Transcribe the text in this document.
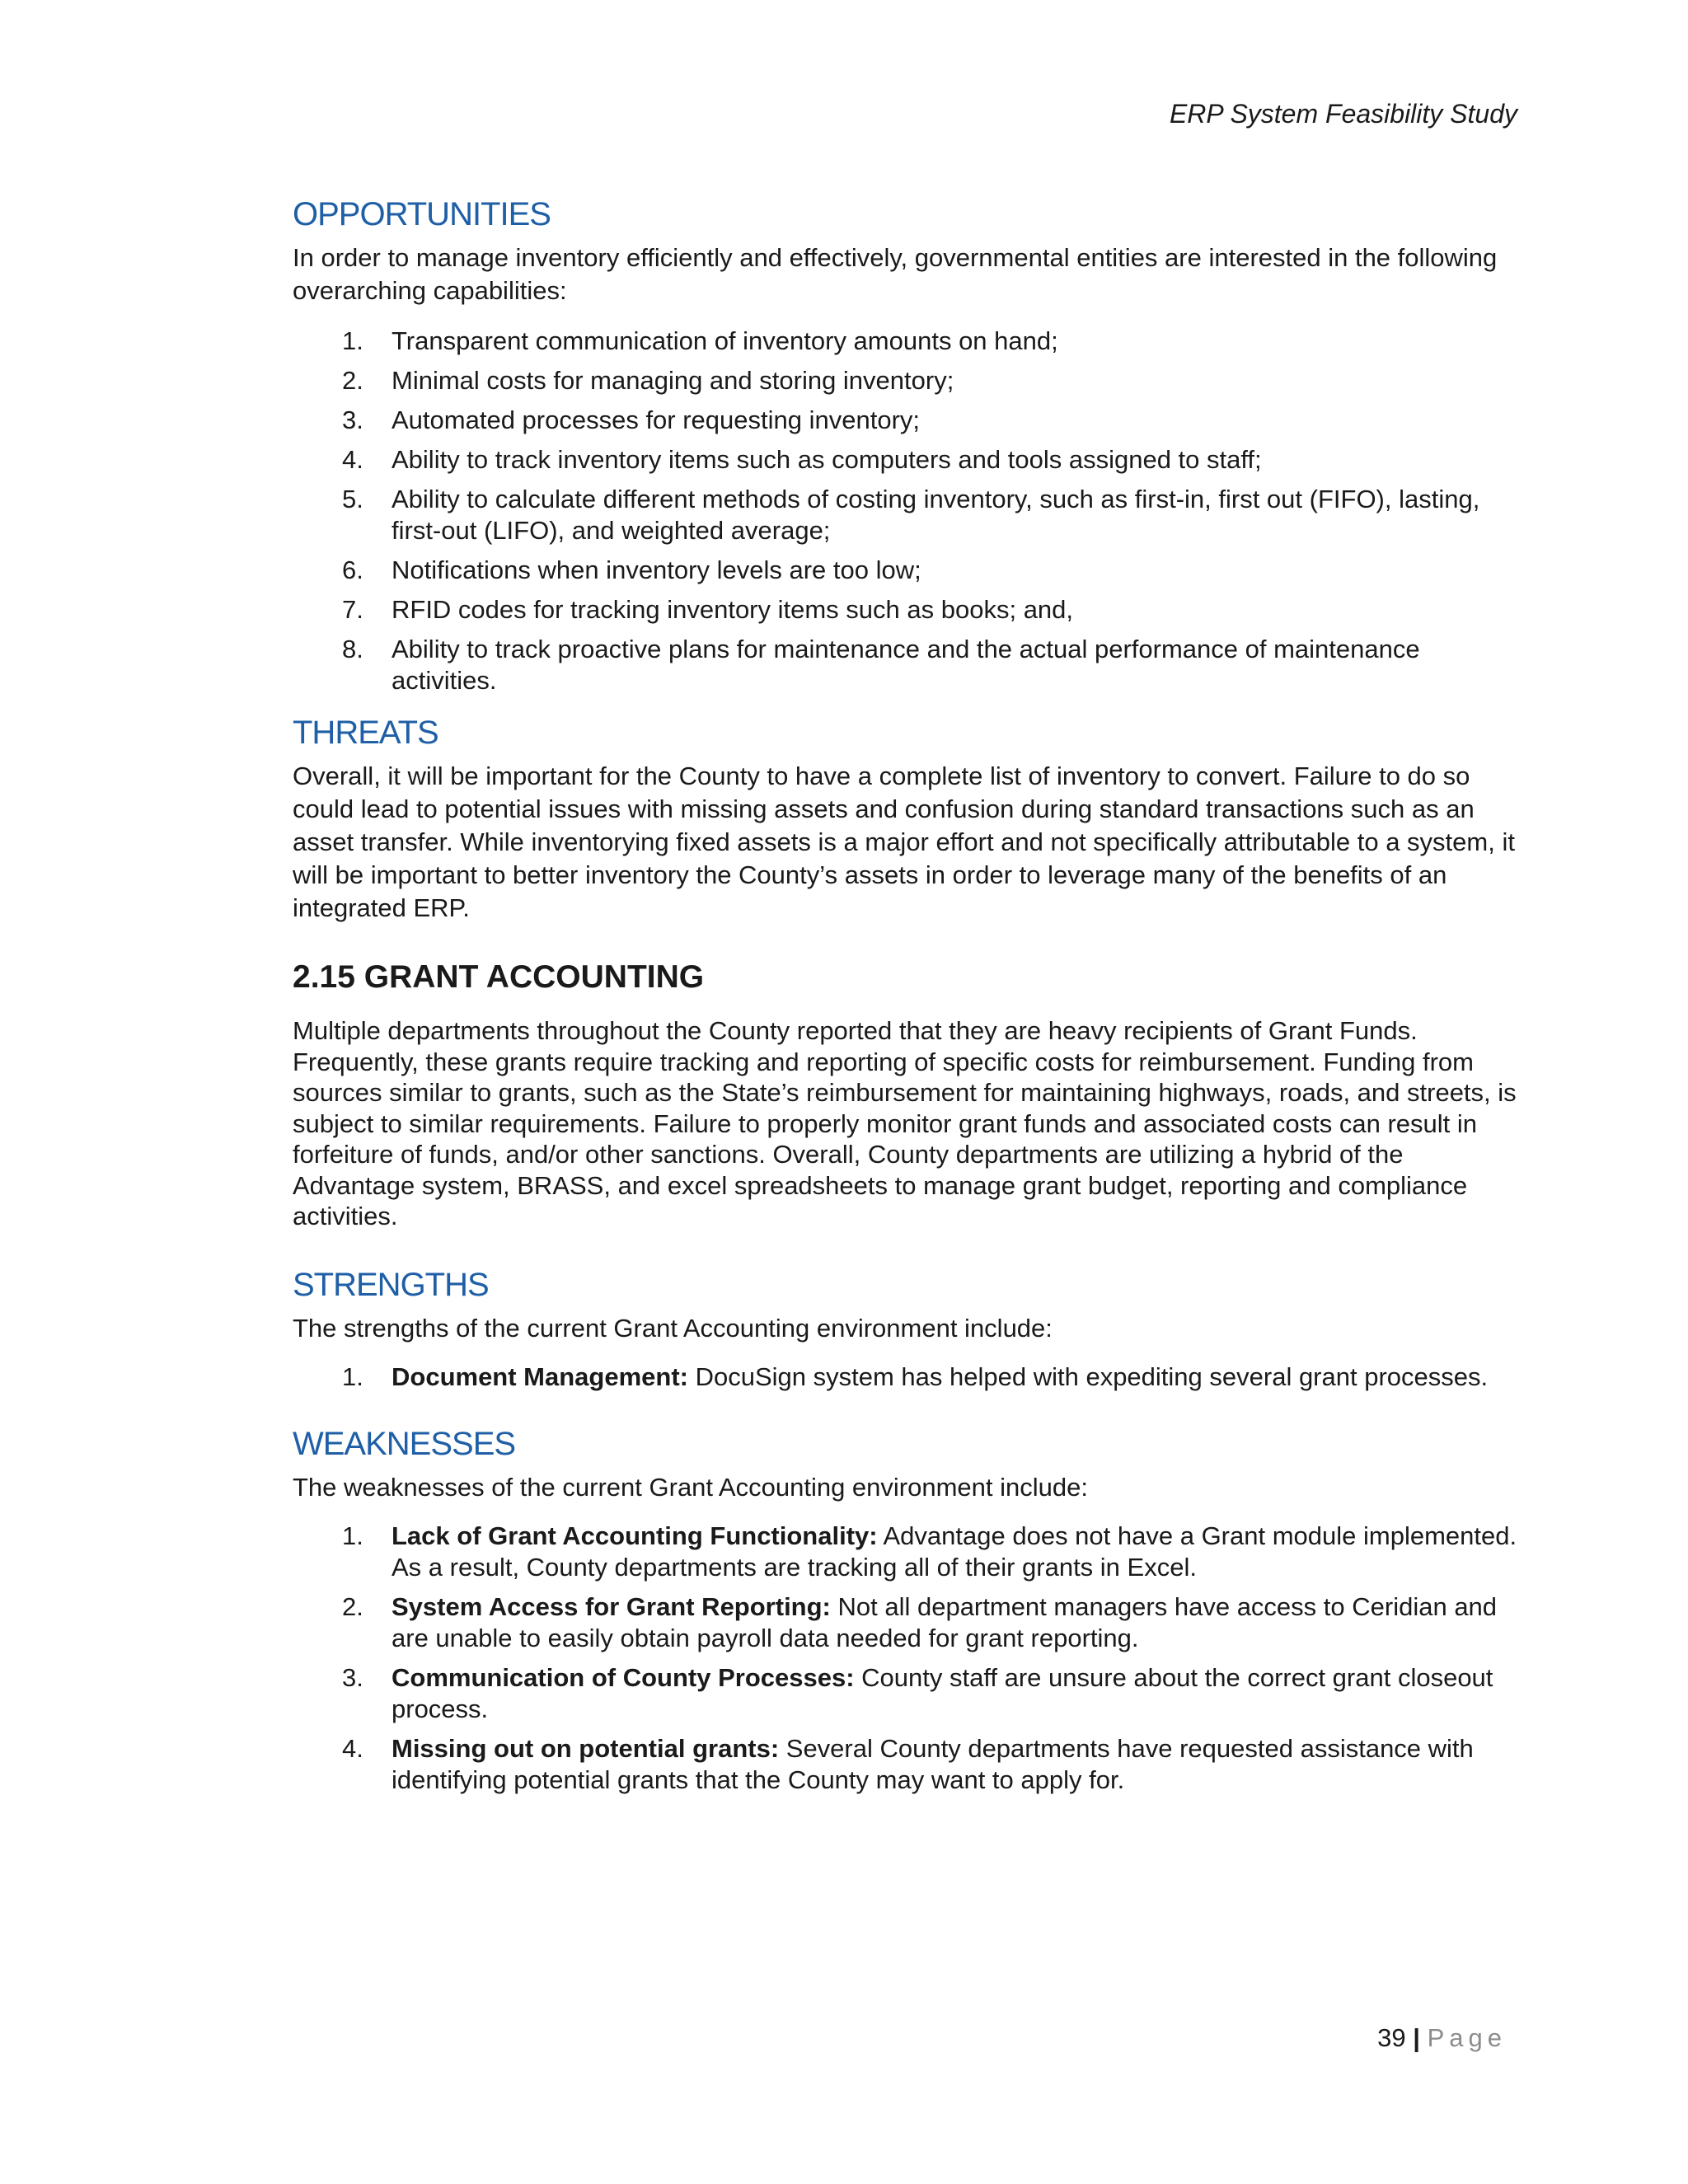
ERP System Feasibility Study
OPPORTUNITIES

In order to manage inventory efficiently and effectively, governmental entities are interested in the following overarching capabilities:

1.	Transparent communication of inventory amounts on hand;
2.	Minimal costs for managing and storing inventory;
3.	Automated processes for requesting inventory;
4.	Ability to track inventory items such as computers and tools assigned to staff;
5.	Ability to calculate different methods of costing inventory, such as first-in, first out (FIFO), lasting, first-out (LIFO), and weighted average;
6.	Notifications when inventory levels are too low;
7.	RFID codes for tracking inventory items such as books; and,
8.	Ability to track proactive plans for maintenance and the actual performance of maintenance activities.
THREATS

Overall, it will be important for the County to have a complete list of inventory to convert. Failure to do so could lead to potential issues with missing assets and confusion during standard transactions such as an asset transfer. While inventorying fixed assets is a major effort and not specifically attributable to a system, it will be important to better inventory the County’s assets in order to leverage many of the benefits of an integrated ERP.

2.15 GRANT ACCOUNTING

Multiple departments throughout the County reported that they are heavy recipients of Grant Funds. Frequently, these grants require tracking and reporting of specific costs for reimbursement. Funding from sources similar to grants, such as the State’s reimbursement for maintaining highways, roads, and streets, is subject to similar requirements. Failure to properly monitor grant funds and associated costs can result in forfeiture of funds, and/or other sanctions. Overall, County departments are utilizing a hybrid of the Advantage system, BRASS, and excel spreadsheets to manage grant budget, reporting and compliance activities.

STRENGTHS

The strengths of the current Grant Accounting environment include:

1.	Document Management: DocuSign system has helped with expediting several grant processes.
WEAKNESSES

The weaknesses of the current Grant Accounting environment include:

1.	Lack of Grant Accounting Functionality: Advantage does not have a Grant module implemented. As a result, County departments are tracking all of their grants in Excel.
2.	System Access for Grant Reporting: Not all department managers have access to Ceridian and are unable to easily obtain payroll data needed for grant reporting.
3.	Communication of County Processes: County staff are unsure about the correct grant closeout process.
4.	Missing out on potential grants: Several County departments have requested assistance with identifying potential grants that the County may want to apply for.
39 | Page
